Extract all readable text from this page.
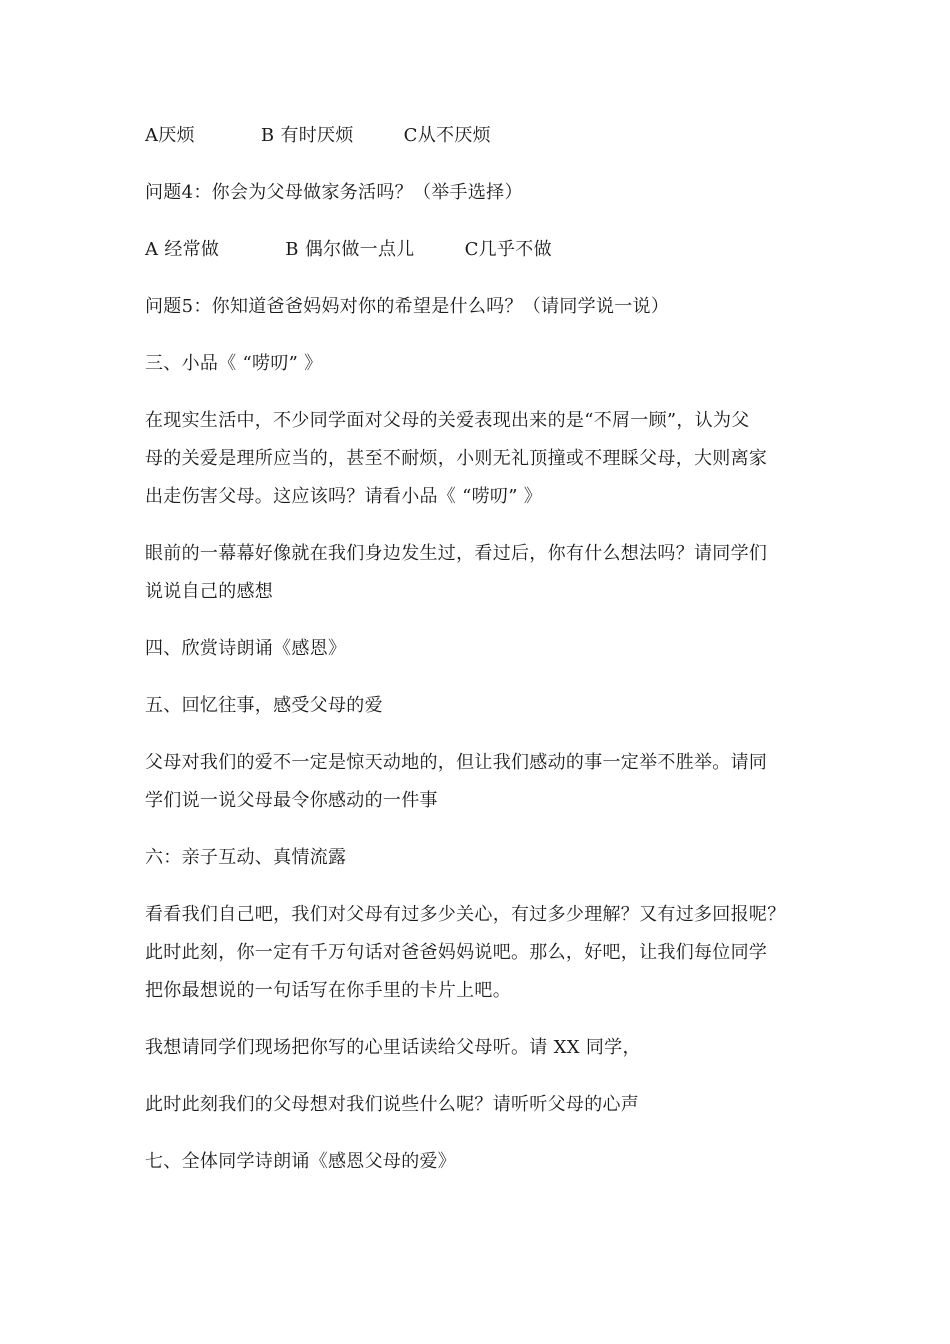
A厌烦	B 有时厌烦	C从不厌烦
问题4：你会为父母做家务活吗？（举手选择）
A 经常做	B 偶尔做一点儿	C几乎不做
问题5：你知道爸爸妈妈对你的希望是什么吗？（请同学说一说）
三、小品《 “唠叨” 》
在现实生活中，不少同学面对父母的关爱表现出来的是“不屑一顾”，认为父
母的关爱是理所应当的，甚至不耐烦，小则无礼顶撞或不理睬父母，大则离家
出走伤害父母。这应该吗？请看小品《 “唠叨” 》
眼前的一幕幕好像就在我们身边发生过，看过后，你有什么想法吗？请同学们
说说自己的感想
四、欣赏诗朗诵《感恩》
五、回忆往事，感受父母的爱
父母对我们的爱不一定是惊天动地的，但让我们感动的事一定举不胜举。请同
学们说一说父母最令你感动的一件事
六：亲子互动、真情流露
看看我们自己吧，我们对父母有过多少关心，有过多少理解？又有过多回报呢？
此时此刻，你一定有千万句话对爸爸妈妈说吧。那么，好吧，让我们每位同学
把你最想说的一句话写在你手里的卡片上吧。
我想请同学们现场把你写的心里话读给父母听。请 XX 同学，
此时此刻我们的父母想对我们说些什么呢？请听听父母的心声
七、全体同学诗朗诵《感恩父母的爱》
